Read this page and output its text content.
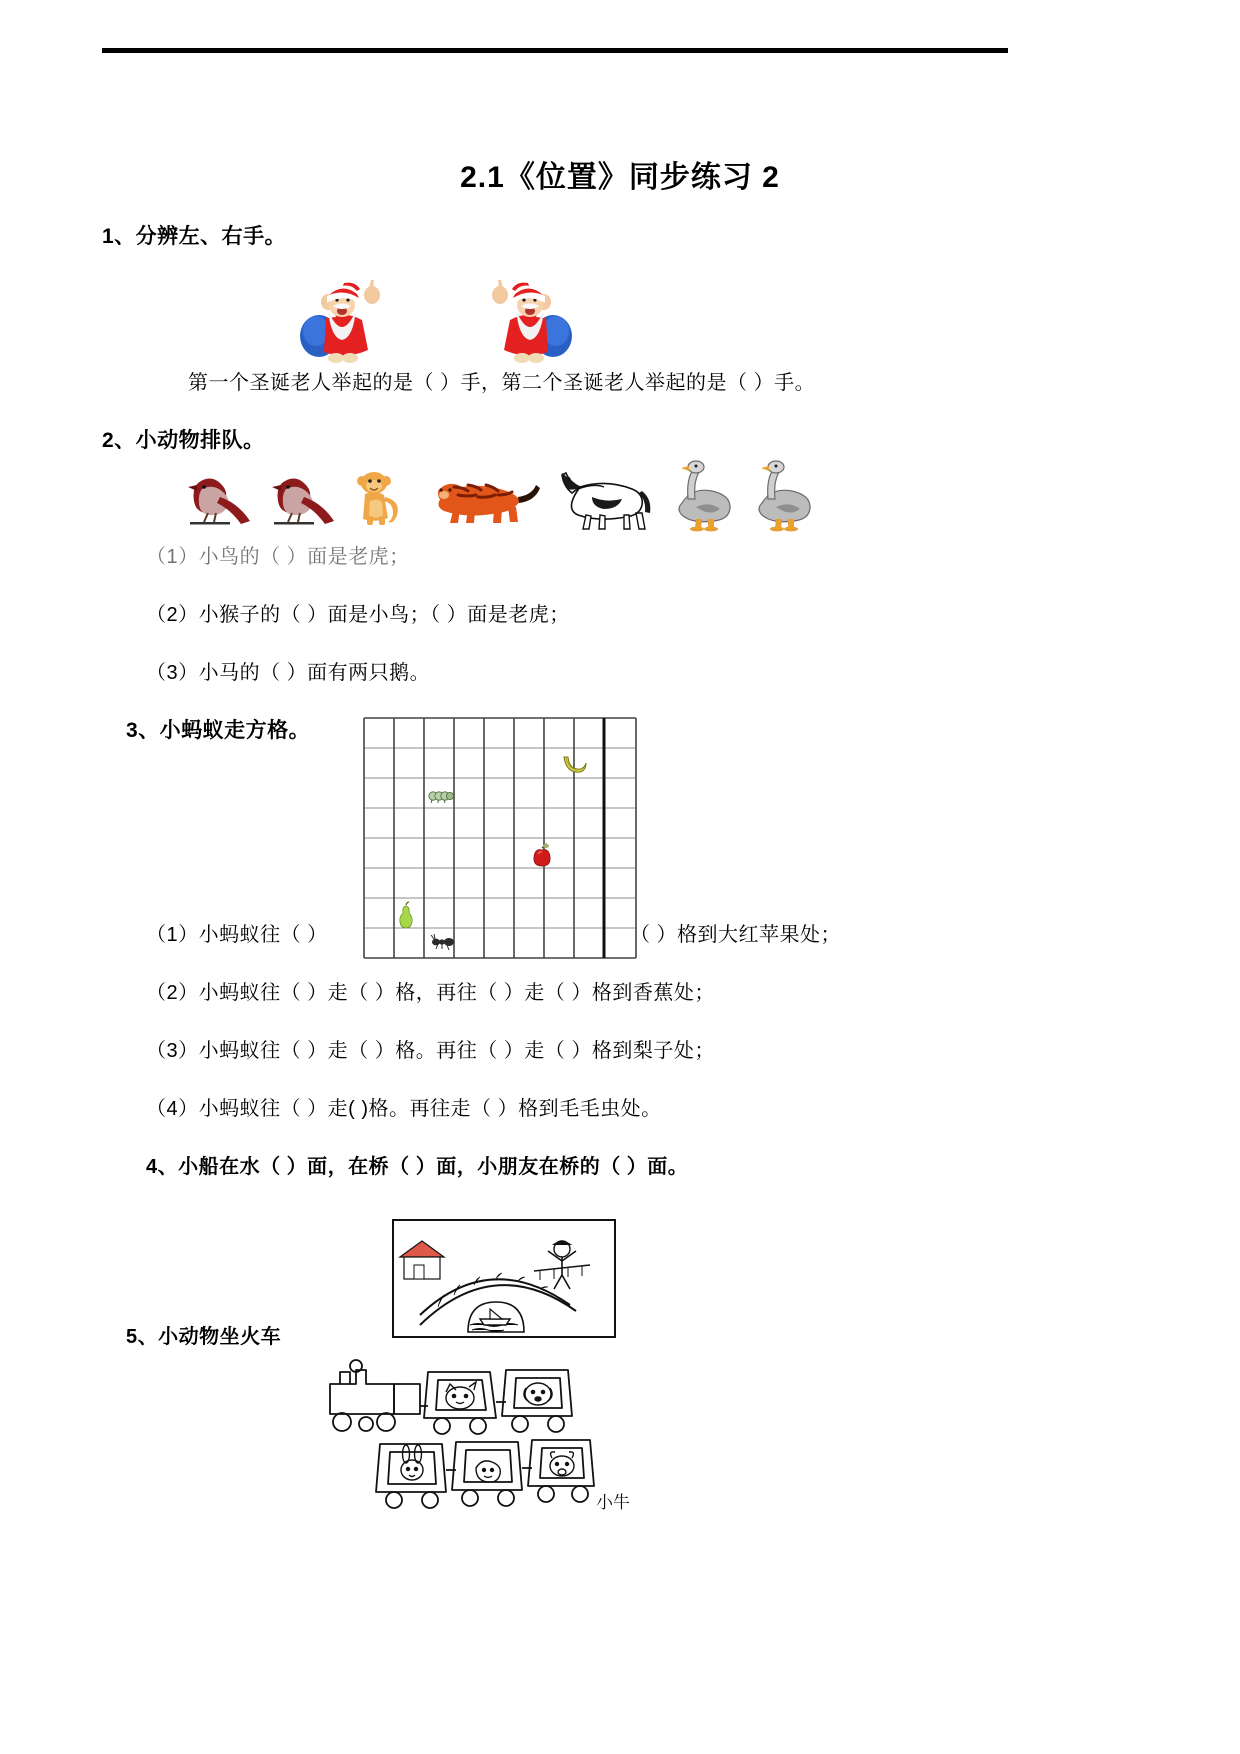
2.1《位置》同步练习 2
1、分辨左、右手。
第一个圣诞老人举起的是（ ）手，第二个圣诞老人举起的是（ ）手。
2、小动物排队。
（1）小鸟的（ ）面是老虎；
（2）小猴子的（ ）面是小鸟；（ ）面是老虎；
（3）小马的（ ）面有两只鹅。
3、小蚂蚁走方格。
（1）小蚂蚁往（ ）	（ ）格到大红苹果处；
（2）小蚂蚁往（ ）走（ ）格，再往（ ）走（ ）格到香蕉处；
（3）小蚂蚁往（ ）走（ ）格。再往（ ）走（ ）格到梨子处；
（4）小蚂蚁往（ ）走( )格。再往走（ ）格到毛毛虫处。
4、小船在水（ ）面，在桥（ ）面，小朋友在桥的（ ）面。
5、小动物坐火车
小牛
